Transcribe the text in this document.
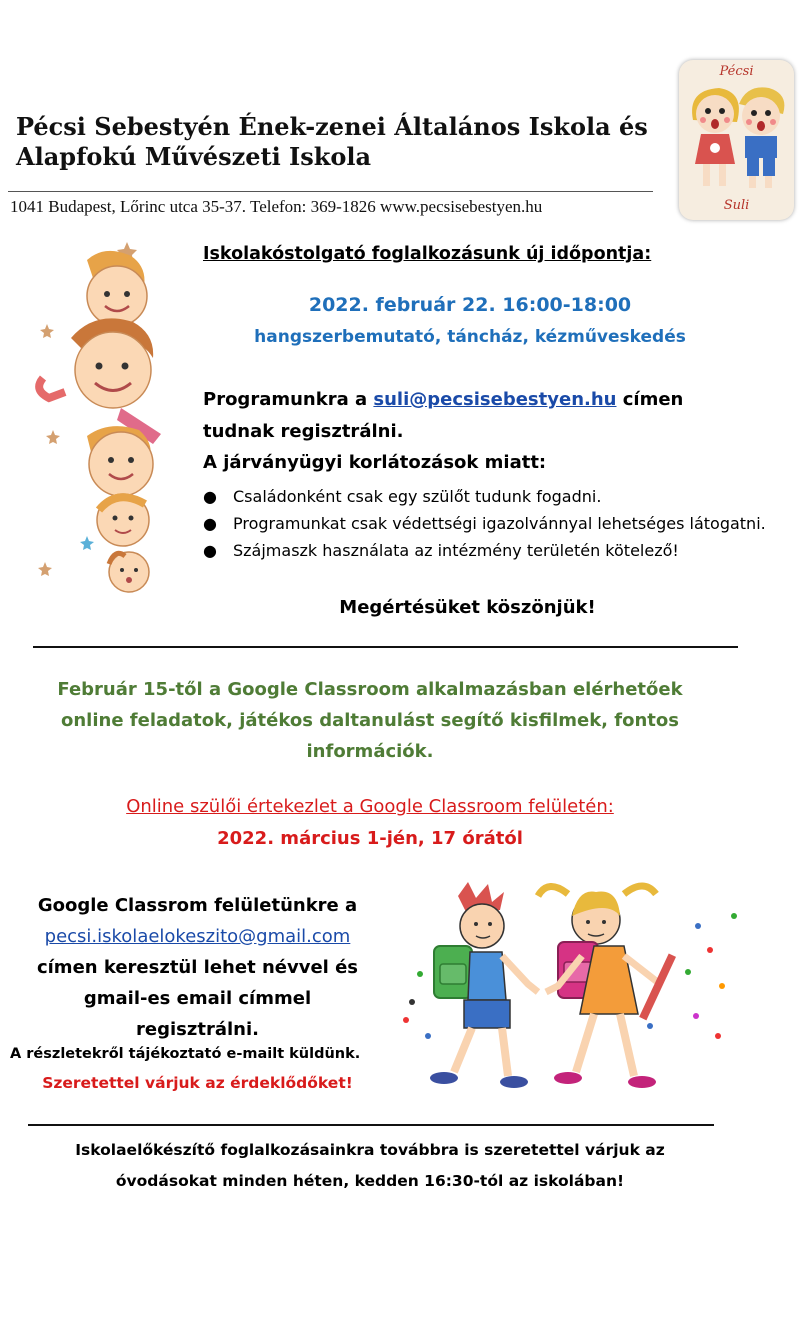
Pécsi Sebestyén Ének-zenei Általános Iskola és
Alapfokú Művészeti Iskola
1041 Budapest, Lőrinc utca 35-37. Telefon: 369-1826 www.pecsisebestyen.hu
Pécsi
Suli
Iskolakóstolgató foglalkozásunk új időpontja:
2022. február 22. 16:00-18:00
hangszerbemutató, táncház, kézműveskedés
Programunkra a suli@pecsisebestyen.hu címen
tudnak regisztrálni.
A járványügyi korlátozások miatt:
● Családonként csak egy szülőt tudunk fogadni.
● Programunkat csak védettségi igazolvánnyal lehetséges látogatni.
● Szájmaszk használata az intézmény területén kötelező!
Megértésüket köszönjük!
Február 15-től a Google Classroom alkalmazásban elérhetőek
online feladatok, játékos daltanulást segítő kisfilmek, fontos
információk.
Online szülői értekezlet a Google Classroom felületén:
2022. március 1-jén, 17 órától
Google Classrom felületünkre a
pecsi.iskolaelokeszito@gmail.com
címen keresztül lehet névvel és
gmail-es email címmel
regisztrálni.
A részletekről tájékoztató e-mailt küldünk.
Szeretettel várjuk az érdeklődőket!
Iskolaelőkészítő foglalkozásainkra továbbra is szeretettel várjuk az
óvodásokat minden héten, kedden 16:30-tól az iskolában!
